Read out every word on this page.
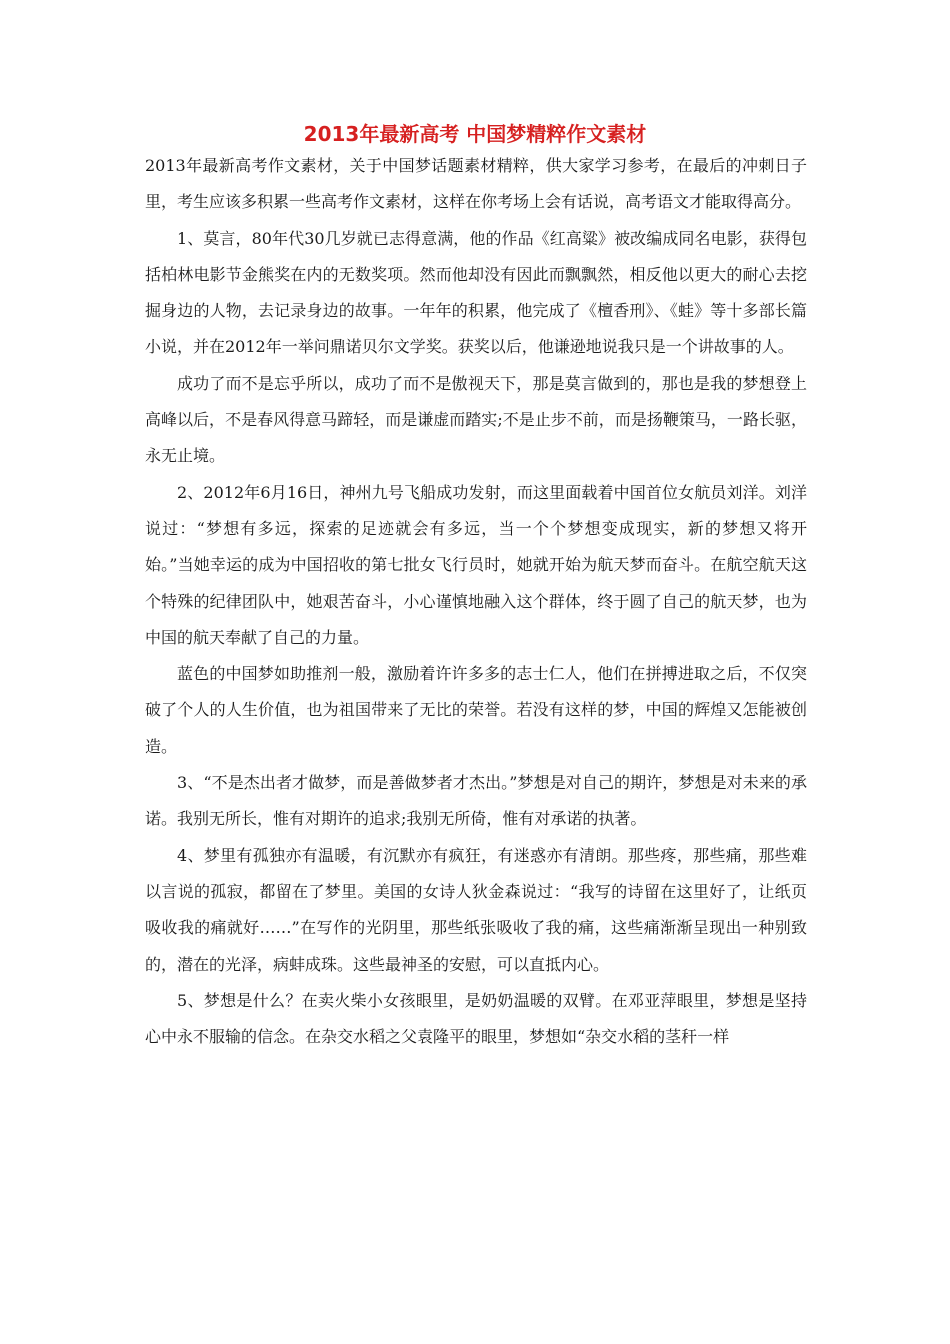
2013年最新高考 中国梦精粹作文素材

2013年最新高考作文素材，关于中国梦话题素材精粹，供大家学习参考，在最后的冲刺日子里，考生应该多积累一些高考作文素材，这样在你考场上会有话说，高考语文才能取得高分。

1、莫言，80年代30几岁就已志得意满，他的作品《红高粱》被改编成同名电影，获得包括柏林电影节金熊奖在内的无数奖项。然而他却没有因此而飘飘然，相反他以更大的耐心去挖掘身边的人物，去记录身边的故事。一年年的积累，他完成了《檀香刑》、《蛙》等十多部长篇小说，并在2012年一举问鼎诺贝尔文学奖。获奖以后，他谦逊地说我只是一个讲故事的人。

成功了而不是忘乎所以，成功了而不是傲视天下，那是莫言做到的，那也是我的梦想登上高峰以后，不是春风得意马蹄轻，而是谦虚而踏实;不是止步不前，而是扬鞭策马，一路长驱，永无止境。

2、2012年6月16日，神州九号飞船成功发射，而这里面载着中国首位女航员刘洋。刘洋说过：“梦想有多远，探索的足迹就会有多远，当一个个梦想变成现实，新的梦想又将开始。”当她幸运的成为中国招收的第七批女飞行员时，她就开始为航天梦而奋斗。在航空航天这个特殊的纪律团队中，她艰苦奋斗，小心谨慎地融入这个群体，终于圆了自己的航天梦，也为中国的航天奉献了自己的力量。

蓝色的中国梦如助推剂一般，激励着许许多多的志士仁人，他们在拼搏进取之后，不仅突破了个人的人生价值，也为祖国带来了无比的荣誉。若没有这样的梦，中国的辉煌又怎能被创造。

3、“不是杰出者才做梦，而是善做梦者才杰出。”梦想是对自己的期许，梦想是对未来的承诺。我别无所长，惟有对期许的追求;我别无所倚，惟有对承诺的执著。

4、梦里有孤独亦有温暖，有沉默亦有疯狂，有迷惑亦有清朗。那些疼，那些痛，那些难以言说的孤寂，都留在了梦里。美国的女诗人狄金森说过：“我写的诗留在这里好了，让纸页吸收我的痛就好……”在写作的光阴里，那些纸张吸收了我的痛，这些痛渐渐呈现出一种别致的，潜在的光泽，病蚌成珠。这些最神圣的安慰，可以直抵内心。

5、梦想是什么？在卖火柴小女孩眼里，是奶奶温暖的双臂。在邓亚萍眼里，梦想是坚持心中永不服输的信念。在杂交水稻之父袁隆平的眼里，梦想如“杂交水稻的茎秆一样
